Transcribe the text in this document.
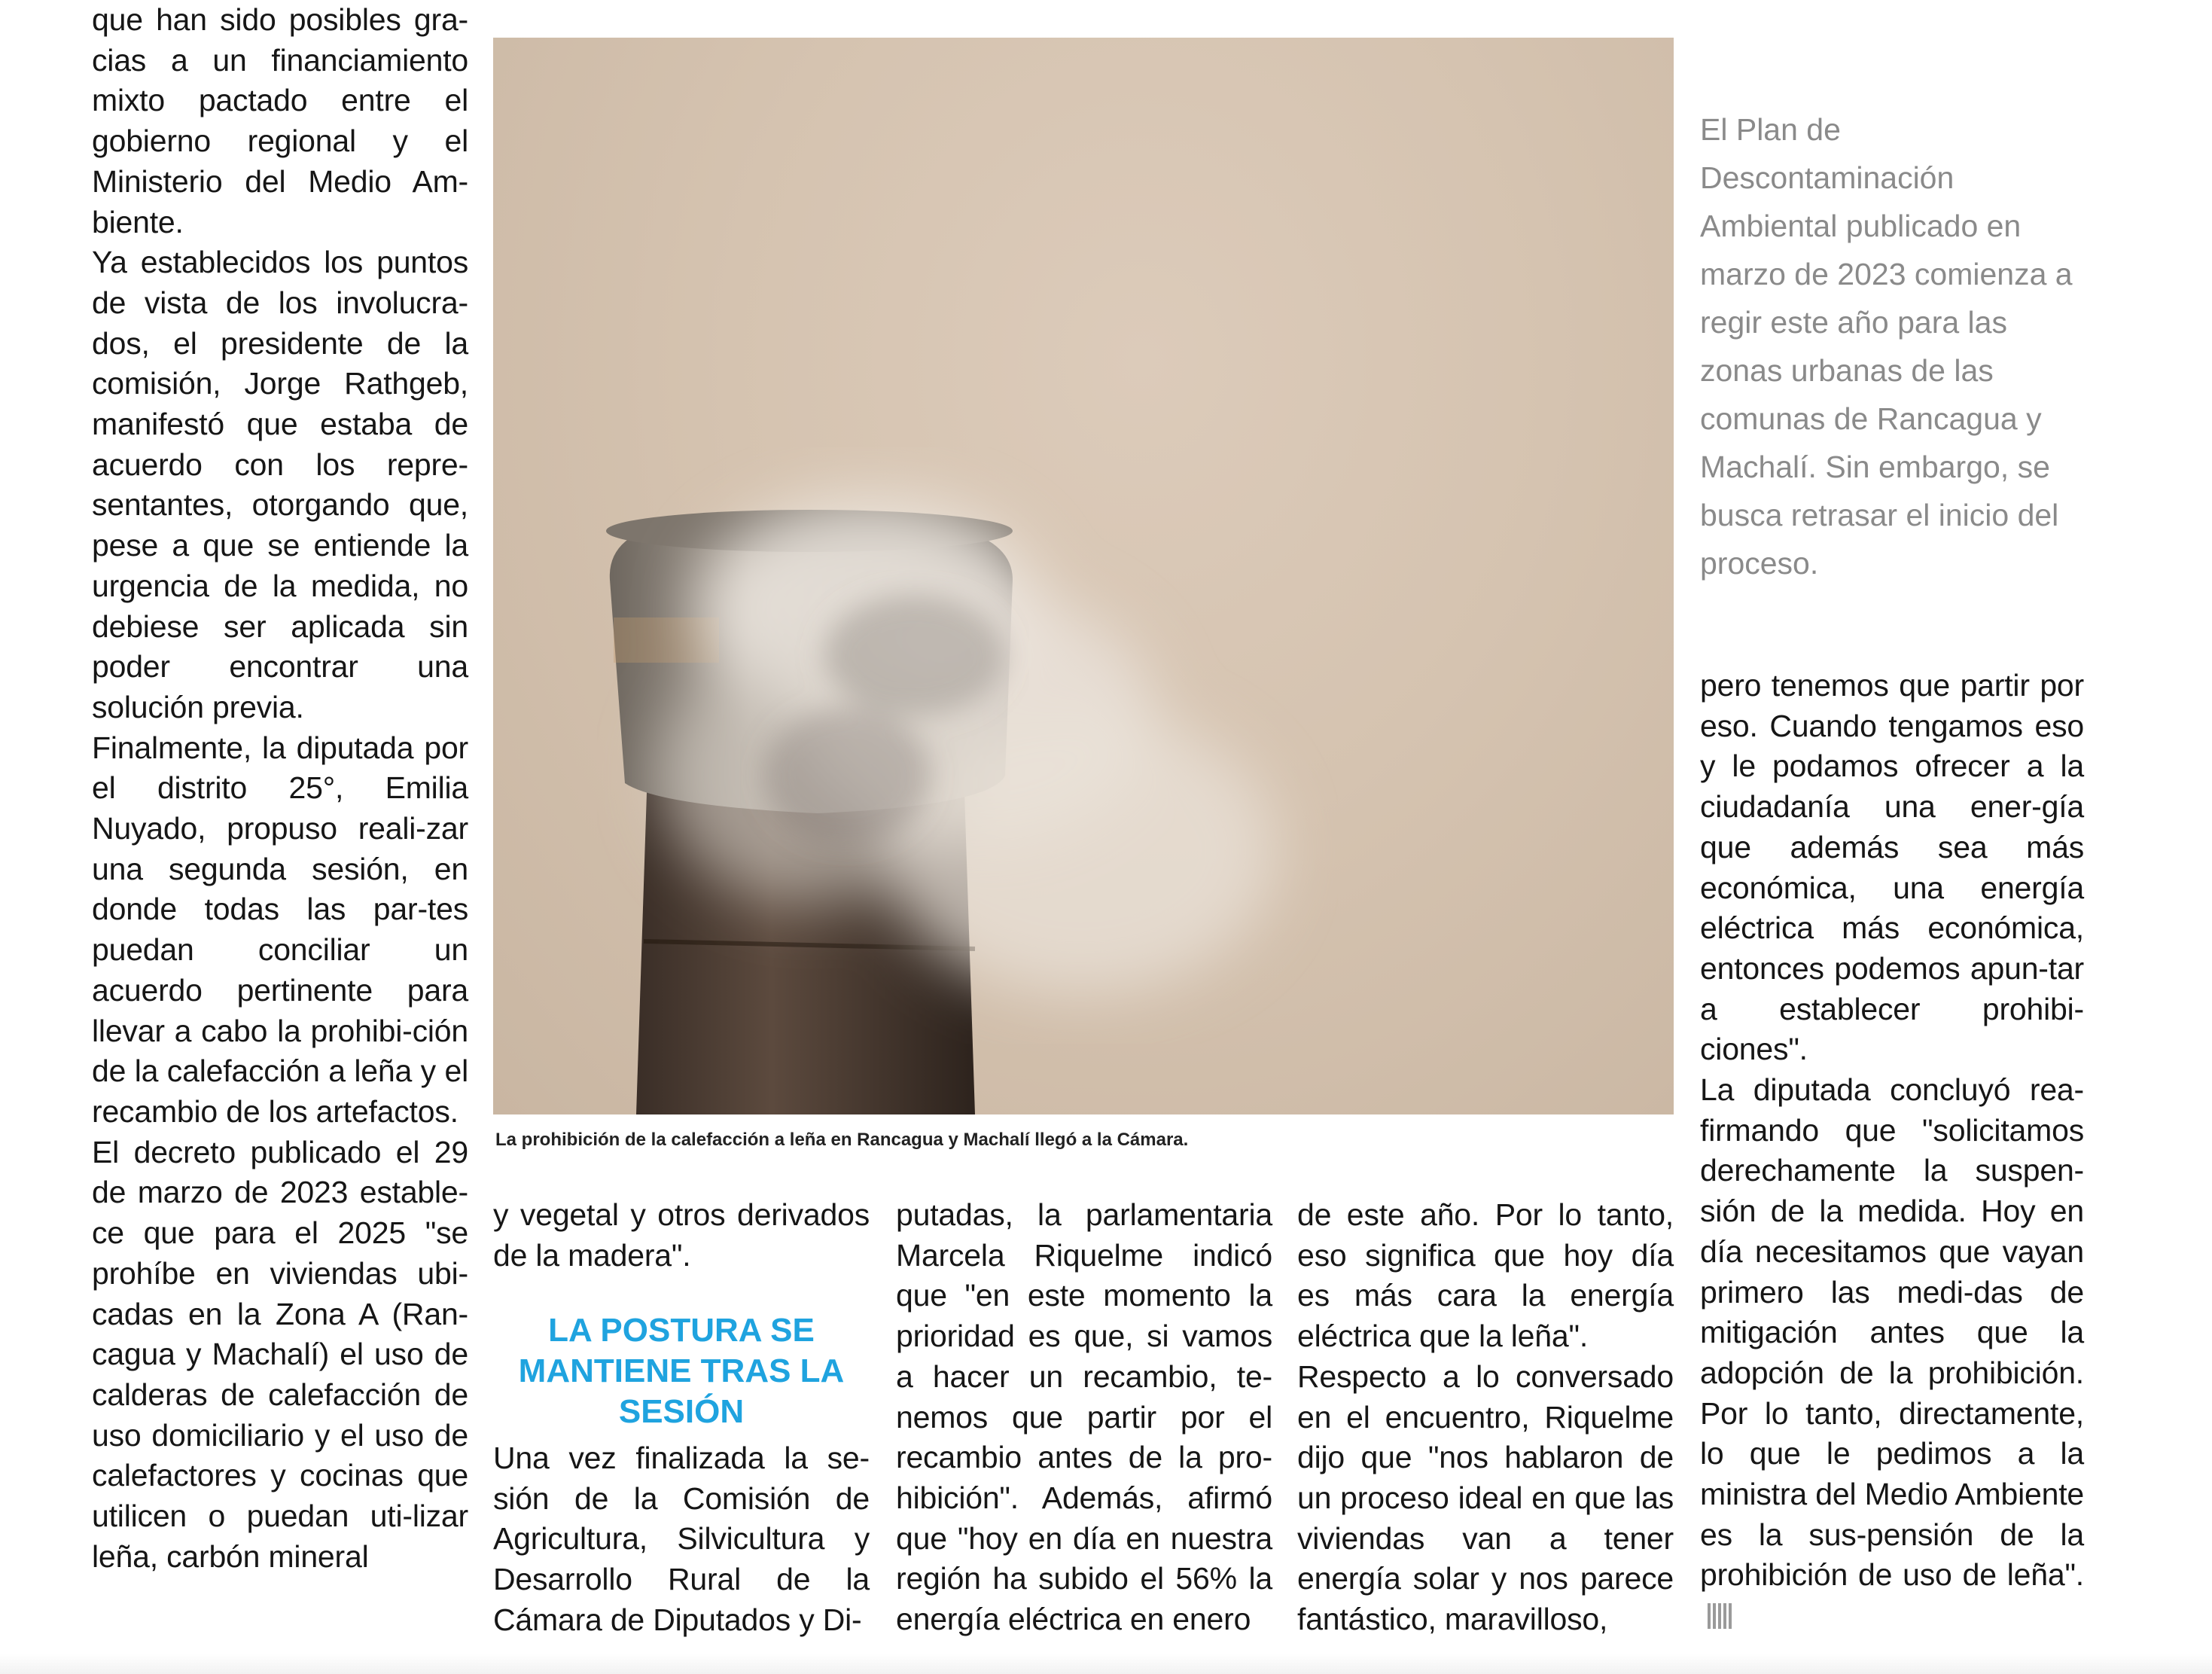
que han sido posibles gra-cias a un financiamiento mixto pactado entre el gobierno regional y el Ministerio del Medio Am-biente.

Ya establecidos los puntos de vista de los involucra-dos, el presidente de la comisión, Jorge Rathgeb, manifestó que estaba de acuerdo con los repre-sentantes, otorgando que, pese a que se entiende la urgencia de la medida, no debiese ser aplicada sin poder encontrar una solución previa.

Finalmente, la diputada por el distrito 25°, Emilia Nuyado, propuso reali-zar una segunda sesión, en donde todas las par-tes puedan conciliar un acuerdo pertinente para llevar a cabo la prohibi-ción de la calefacción a leña y el recambio de los artefactos.

El decreto publicado el 29 de marzo de 2023 estable-ce que para el 2025 "se prohíbe en viviendas ubi-cadas en la Zona A (Ran-cagua y Machalí) el uso de calderas de calefacción de uso domiciliario y el uso de calefactores y cocinas que utilicen o puedan uti-lizar leña, carbón mineral

La prohibición de la calefacción a leña en Rancagua y Machalí llegó a la Cámara.

El Plan de Descontaminación Ambiental publicado en marzo de 2023 comienza a regir este año para las zonas urbanas de las comunas de Rancagua y Machalí. Sin embargo, se busca retrasar el inicio del proceso.

y vegetal y otros derivados de la madera".

LA POSTURA SE MANTIENE TRAS LA SESIÓN

Una vez finalizada la se-sión de la Comisión de Agricultura, Silvicultura y Desarrollo Rural de la Cámara de Diputados y Di-

putadas, la parlamentaria Marcela Riquelme indicó que "en este momento la prioridad es que, si vamos a hacer un recambio, te-nemos que partir por el recambio antes de la pro-hibición". Además, afirmó que "hoy en día en nuestra región ha subido el 56% la energía eléctrica en enero

de este año. Por lo tanto, eso significa que hoy día es más cara la energía eléctrica que la leña".

Respecto a lo conversado en el encuentro, Riquelme dijo que "nos hablaron de un proceso ideal en que las viviendas van a tener energía solar y nos parece fantástico, maravilloso,

pero tenemos que partir por eso. Cuando tengamos eso y le podamos ofrecer a la ciudadanía una ener-gía que además sea más económica, una energía eléctrica más económica, entonces podemos apun-tar a establecer prohibi-ciones".

La diputada concluyó rea-firmando que "solicitamos derechamente la suspen-sión de la medida. Hoy en día necesitamos que vayan primero las medi-das de mitigación antes que la adopción de la prohibición. Por lo tanto, directamente, lo que le pedimos a la ministra del Medio Ambiente es la sus-pensión de la prohibición de uso de leña".
